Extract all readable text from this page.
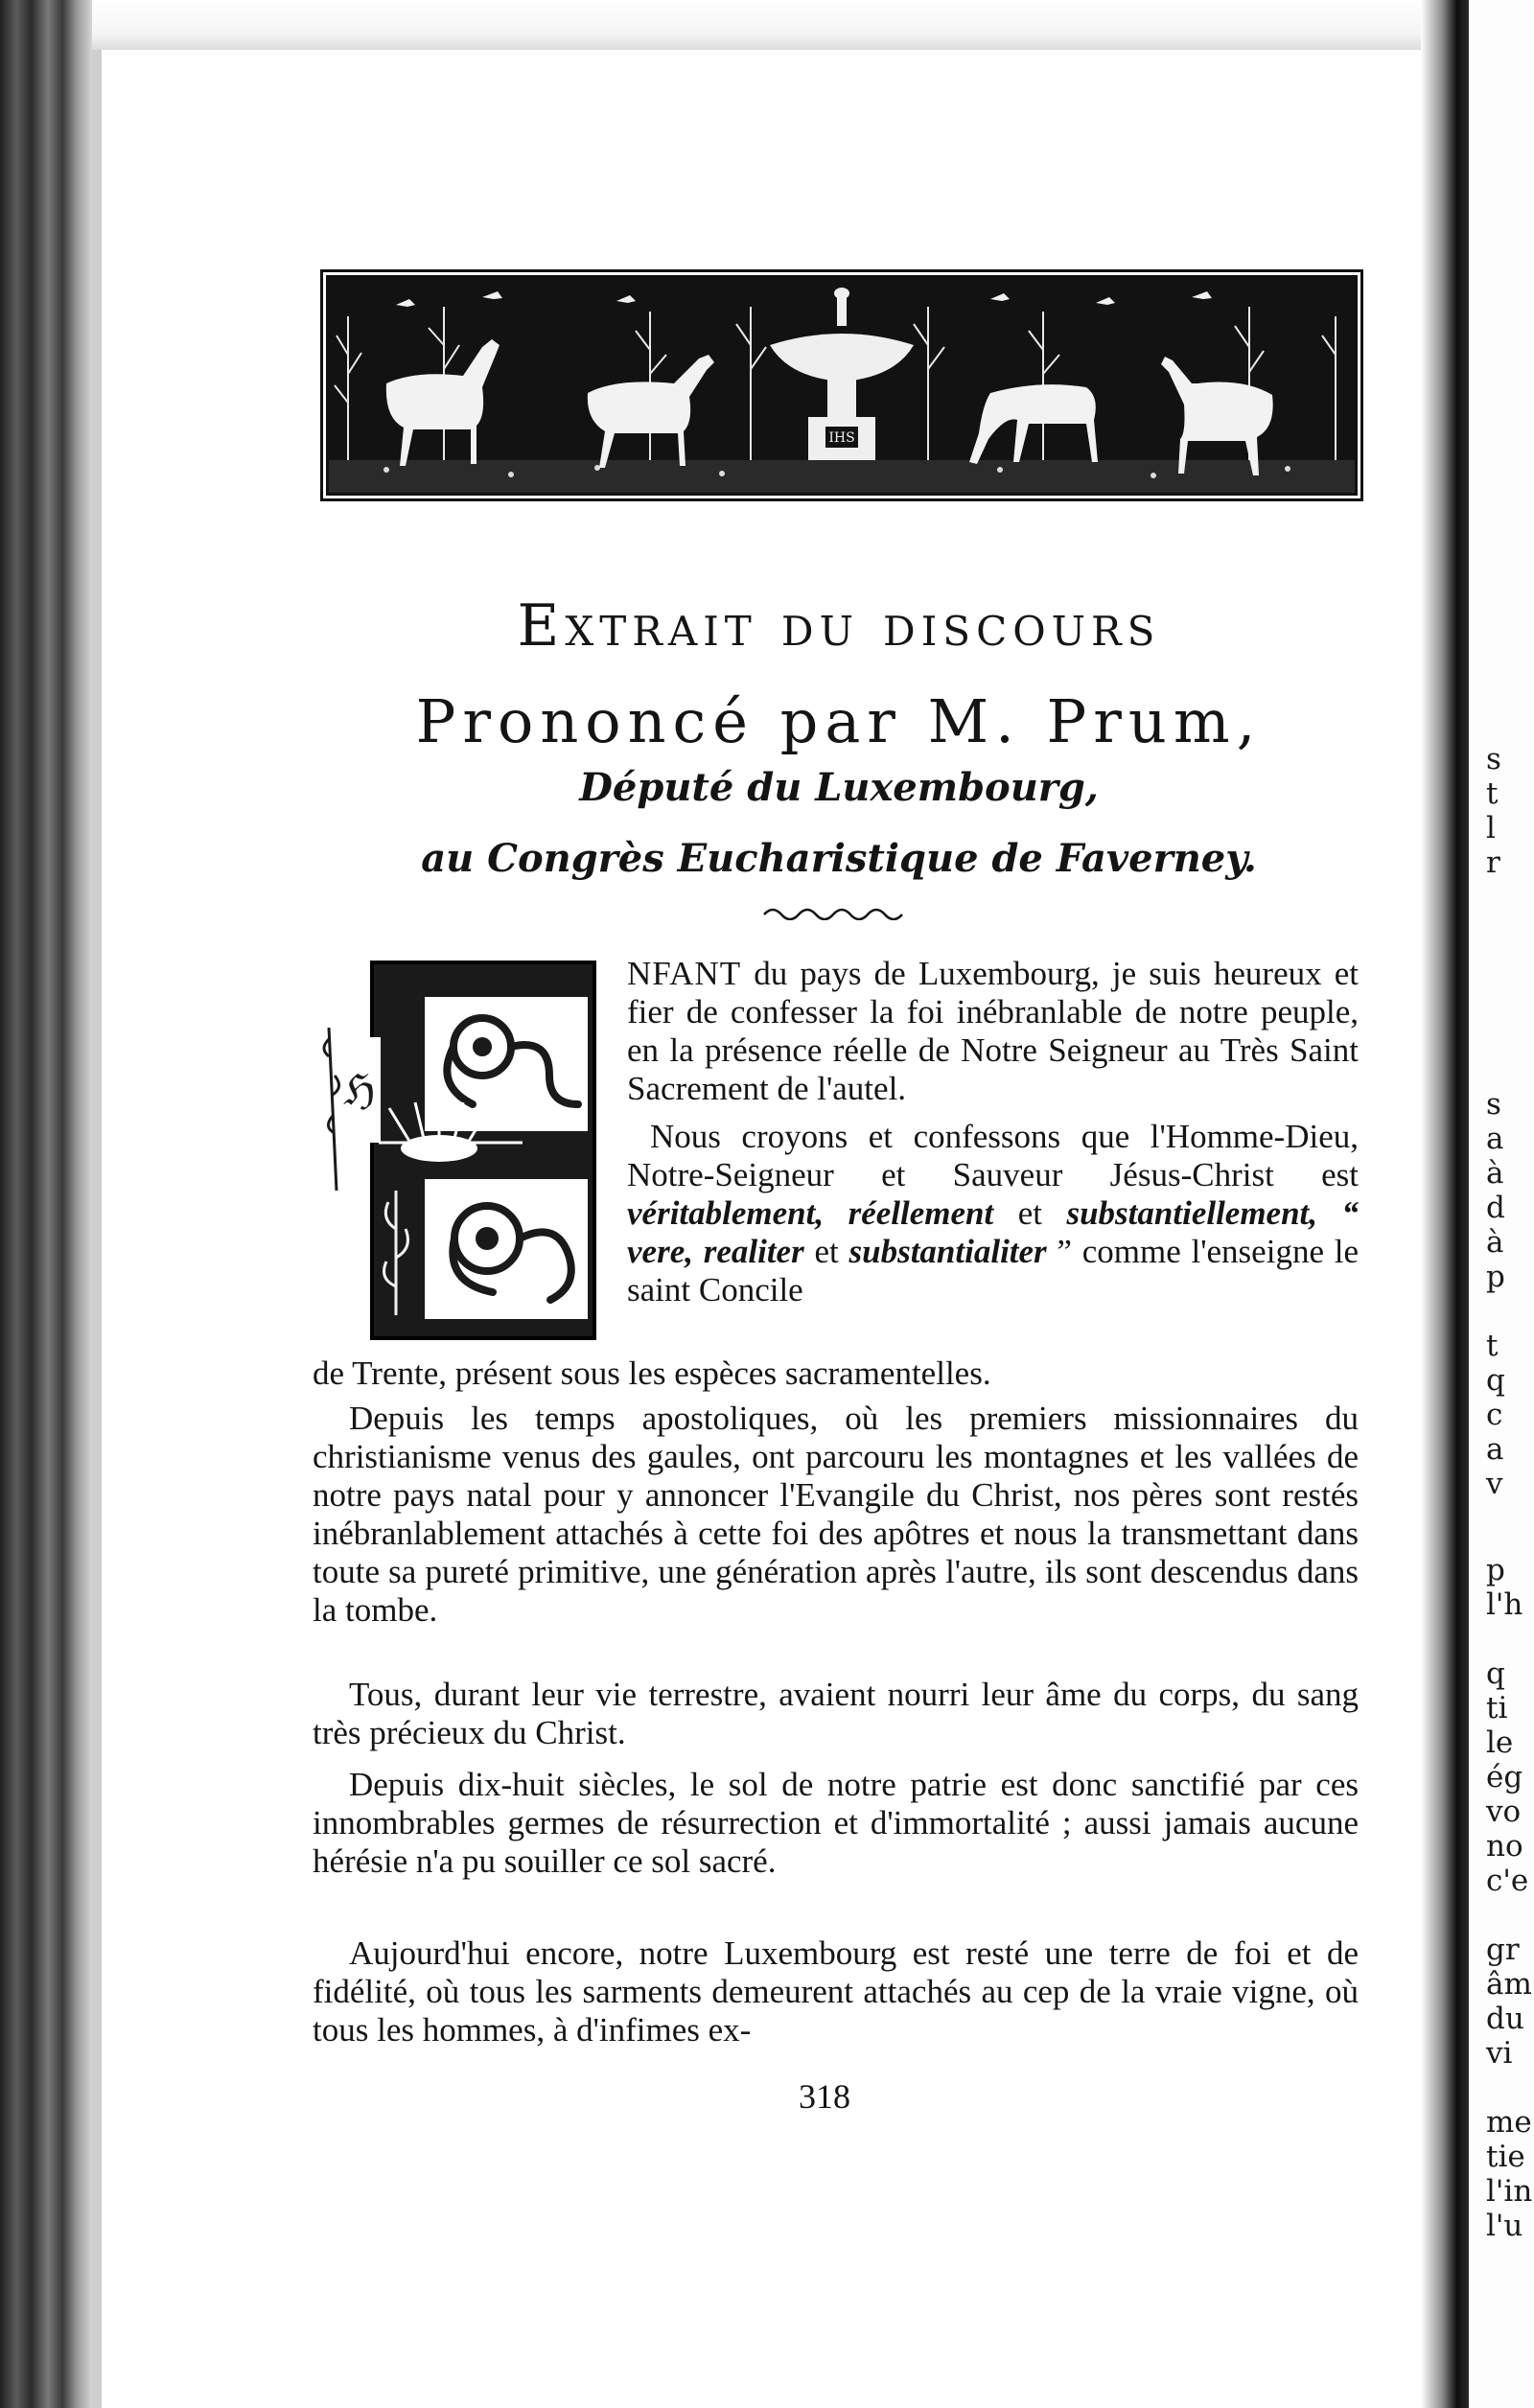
s
t
l
r
s
a
à
d
à
p
t
q
c
a
v
p
l'h
q
ti
le
ég
vo
no
c'e
gr
âm
du
vi
me
tie
l'in
l'u
IHS
Extrait du discours
Prononcé par M. Prum,
Député du Luxembourg,
au Congrès Eucharistique de Faverney.
ℌ

NFANT du pays de Luxembourg, je suis heureux et fier de confesser la foi inébranlable de notre peuple, en la présence réelle de Notre Seigneur au Très Saint Sacrement de l'autel.

Nous croyons et confessons que l'Homme-Dieu, Notre-Seigneur et Sauveur Jésus-Christ est véritablement, réellement et substantiellement, “ vere, realiter et substantialiter ” comme l'enseigne le saint Concile

de Trente, présent sous les espèces sacramentelles.

Depuis les temps apostoliques, où les premiers missionnaires du christianisme venus des gaules, ont parcouru les montagnes et les vallées de notre pays natal pour y annoncer l'Evangile du Christ, nos pères sont restés inébranlablement attachés à cette foi des apôtres et nous la transmettant dans toute sa pureté primitive, une génération après l'autre, ils sont descendus dans la tombe.

Tous, durant leur vie terrestre, avaient nourri leur âme du corps, du sang très précieux du Christ.

Depuis dix-huit siècles, le sol de notre patrie est donc sanctifié par ces innombrables germes de résurrection et d'immortalité ; aussi jamais aucune hérésie n'a pu souiller ce sol sacré.

Aujourd'hui encore, notre Luxembourg est resté une terre de foi et de fidélité, où tous les sarments demeurent attachés au cep de la vraie vigne, où tous les hommes, à d'infimes ex-

318
